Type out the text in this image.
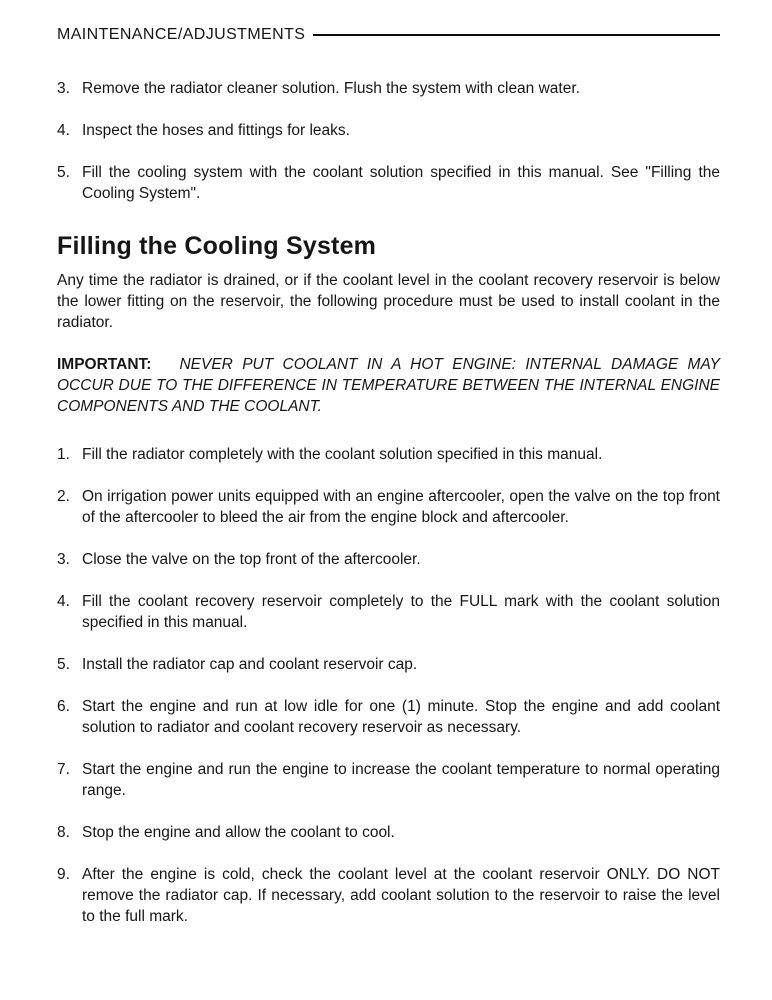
MAINTENANCE/ADJUSTMENTS
3. Remove the radiator cleaner solution. Flush the system with clean water.
4. Inspect the hoses and fittings for leaks.
5. Fill the cooling system with the coolant solution specified in this manual. See "Filling the Cooling System".
Filling the Cooling System

Any time the radiator is drained, or if the coolant level in the coolant recovery reservoir is below the lower fitting on the reservoir, the following procedure must be used to install coolant in the radiator.

IMPORTANT: NEVER PUT COOLANT IN A HOT ENGINE: INTERNAL DAMAGE MAY OCCUR DUE TO THE DIFFERENCE IN TEMPERATURE BETWEEN THE INTERNAL ENGINE COMPONENTS AND THE COOLANT.

1. Fill the radiator completely with the coolant solution specified in this manual.
2. On irrigation power units equipped with an engine aftercooler, open the valve on the top front of the aftercooler to bleed the air from the engine block and aftercooler.
3. Close the valve on the top front of the aftercooler.
4. Fill the coolant recovery reservoir completely to the FULL mark with the coolant solution specified in this manual.
5. Install the radiator cap and coolant reservoir cap.
6. Start the engine and run at low idle for one (1) minute. Stop the engine and add coolant solution to radiator and coolant recovery reservoir as necessary.
7. Start the engine and run the engine to increase the coolant temperature to normal operating range.
8. Stop the engine and allow the coolant to cool.
9. After the engine is cold, check the coolant level at the coolant reservoir ONLY. DO NOT remove the radiator cap. If necessary, add coolant solution to the reservoir to raise the level to the full mark.
